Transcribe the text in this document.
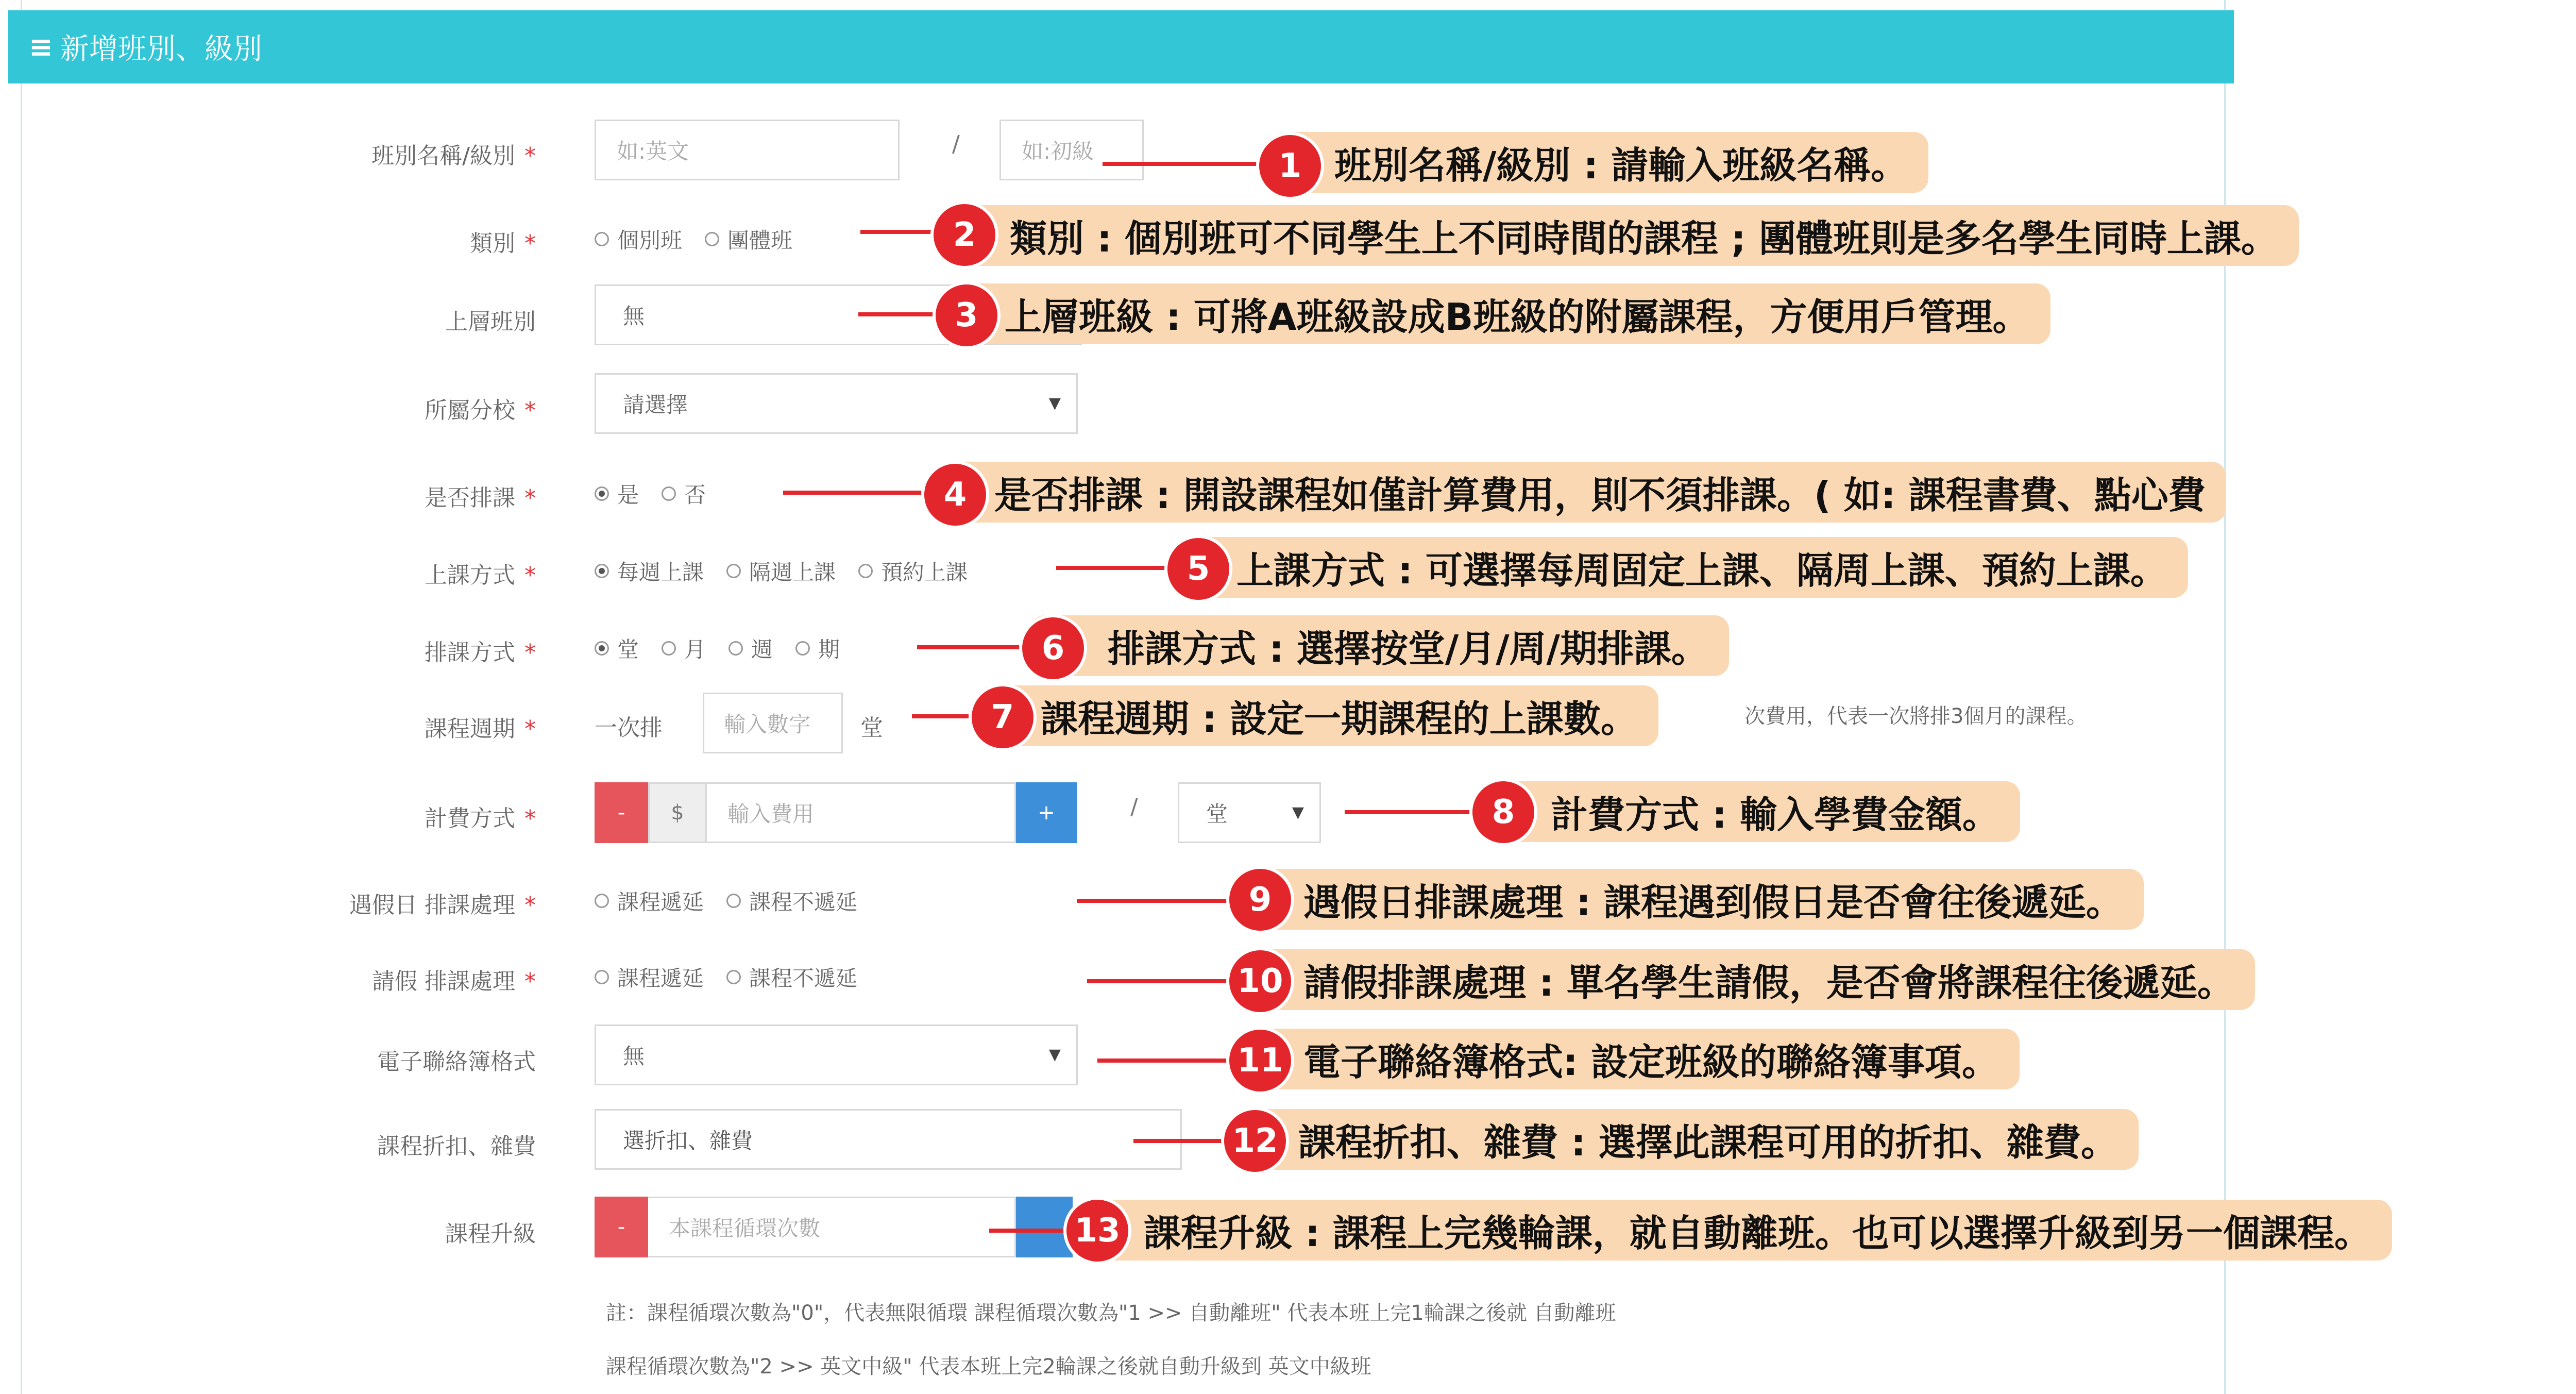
≡ 新增班別、級別
班別名稱/級別 *	如:英文	/	如:初級
類別 *	個別班 團體班
上層班別	無
所屬分校 *	請選擇	▼
是否排課 *	是 否
上課方式 *	每週上課 隔週上課 預約上課
排課方式 *	堂 月 週 期
課程週期 *	一次排	輸入數字	堂	次費用，代表一次將排3個月的課程。
計費方式 *	-	$	輸入費用	+	/	堂	▼
遇假日 排課處理 *	課程遞延 課程不遞延
請假 排課處理 *	課程遞延 課程不遞延
電子聯絡簿格式	無	▼
課程折扣、雜費	選折扣、雜費
課程升級	-	本課程循環次數
註：課程循環次數為"0"，代表無限循環 課程循環次數為"1 >> 自動離班" 代表本班上完1輪課之後就 自動離班
課程循環次數為"2 >> 英文中級" 代表本班上完2輪課之後就自動升級到 英文中級班
班別名稱/級別 : 請輸入班級名稱。
1
類別 : 個別班可不同學生上不同時間的課程 ; 團體班則是多名學生同時上課。
2
上層班級 : 可將A班級設成B班級的附屬課程，方便用戶管理。
3
是否排課 : 開設課程如僅計算費用，則不須排課。( 如: 課程書費、點心費
4
上課方式 : 可選擇每周固定上課、隔周上課、預約上課。
5
排課方式 : 選擇按堂/月/周/期排課。
6
課程週期 : 設定一期課程的上課數。
7
計費方式 : 輸入學費金額。
8
遇假日排課處理 : 課程遇到假日是否會往後遞延。
9
請假排課處理 : 單名學生請假，是否會將課程往後遞延。
10
電子聯絡簿格式: 設定班級的聯絡簿事項。
11
課程折扣、雜費 : 選擇此課程可用的折扣、雜費。
12
課程升級 : 課程上完幾輪課，就自動離班。也可以選擇升級到另一個課程。
13
